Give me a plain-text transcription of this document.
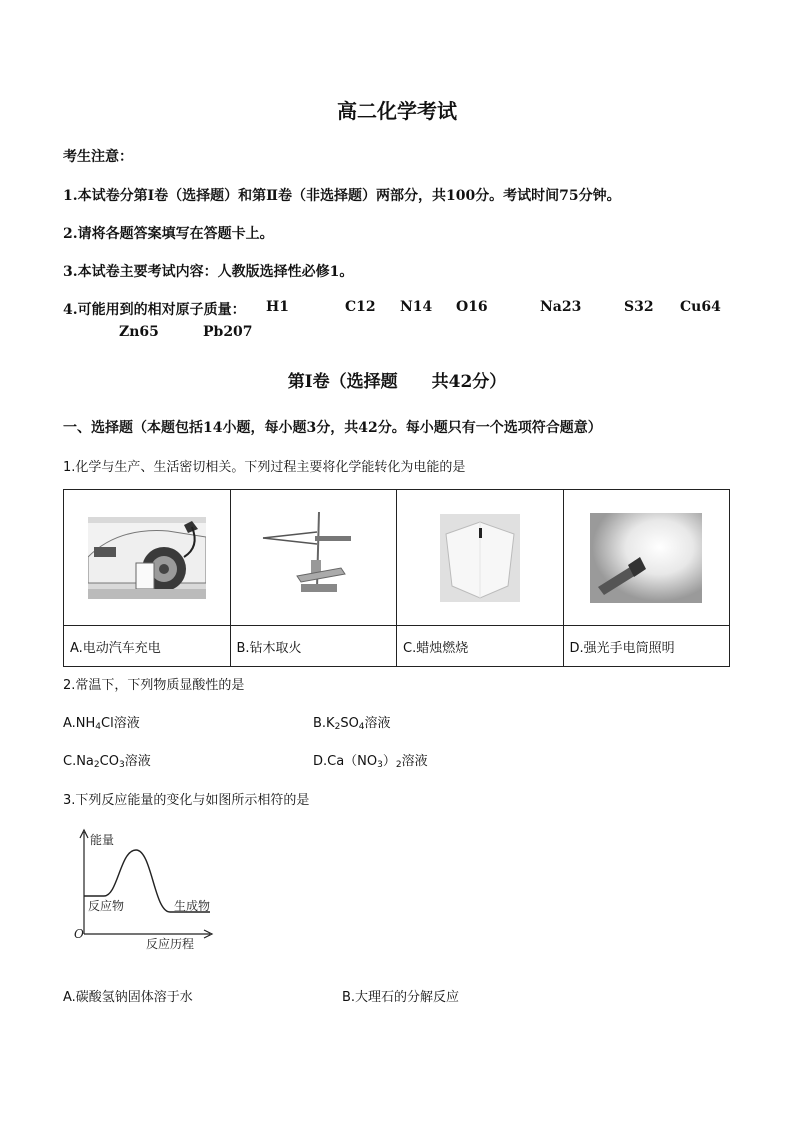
高二化学考试
考生注意：
1.本试卷分第Ⅰ卷（选择题）和第Ⅱ卷（非选择题）两部分，共100分。考试时间75分钟。
2.请将各题答案填写在答题卡上。
3.本试卷主要考试内容：人教版选择性必修1。
4.可能用到的相对原子质量： H1	C12 N14 O16	Na23	S32 Cu64
Zn65	Pb207
第Ⅰ卷（选择题　　共42分）
一、选择题（本题包括14小题，每小题3分，共42分。每小题只有一个选项符合题意）
1.化学与生产、生活密切相关。下列过程主要将化学能转化为电能的是

A.电动汽车充电	B.钻木取火	C.蜡烛燃烧	D.强光手电筒照明
2.常温下，下列物质显酸性的是
$A.NH_4Cl$溶液	$B.K_2SO_4$溶液
$C.Na_2CO_3$溶液	$D.Ca(NO_3)_2$溶液
3.下列反应能量的变化与如图所示相符的是
能量
反应物	生成物
O
反应历程
A.碳酸氢钠固体溶于水	B.大理石的分解反应
